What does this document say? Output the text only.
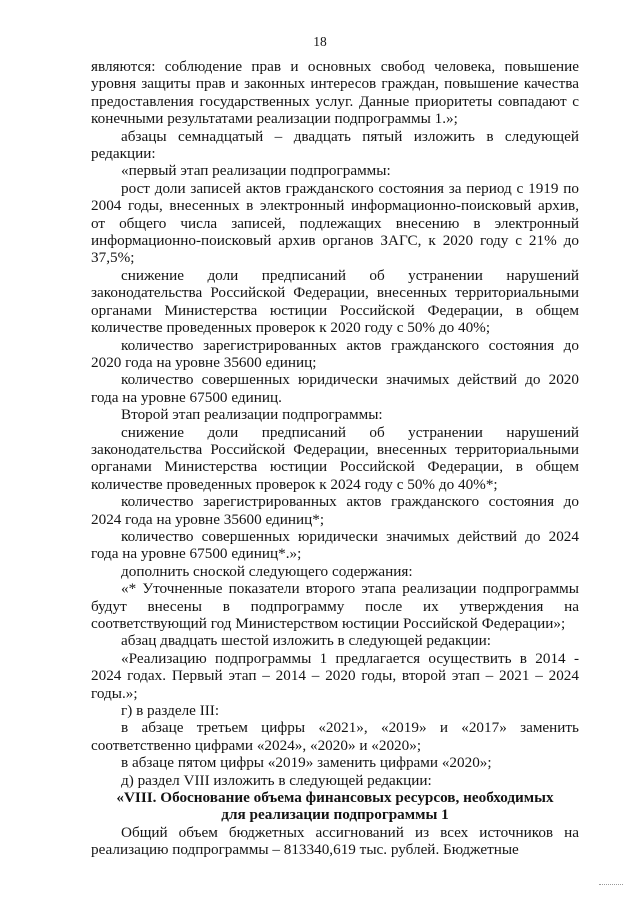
18
являются: соблюдение прав и основных свобод человека, повышение уровня защиты прав и законных интересов граждан, повышение качества предоставления государственных услуг. Данные приоритеты совпадают с конечными результатами реализации подпрограммы 1.»;
абзацы семнадцатый – двадцать пятый изложить в следующей редакции:
«первый этап реализации подпрограммы:
рост доли записей актов гражданского состояния за период с 1919 по 2004 годы, внесенных в электронный информационно-поисковый архив, от общего числа записей, подлежащих внесению в электронный информационно-поисковый архив органов ЗАГС, к 2020 году с 21% до 37,5%;
снижение доли предписаний об устранении нарушений законодательства Российской Федерации, внесенных территориальными органами Министерства юстиции Российской Федерации, в общем количестве проведенных проверок к 2020 году с 50% до 40%;
количество зарегистрированных актов гражданского состояния до 2020 года на уровне 35600 единиц;
количество совершенных юридически значимых действий до 2020 года на уровне 67500 единиц.
Второй этап реализации подпрограммы:
снижение доли предписаний об устранении нарушений законодательства Российской Федерации, внесенных территориальными органами Министерства юстиции Российской Федерации, в общем количестве проведенных проверок к 2024 году с 50% до 40%*;
количество зарегистрированных актов гражданского состояния до 2024 года на уровне 35600 единиц*;
количество совершенных юридически значимых действий до 2024 года на уровне 67500 единиц*.»;
дополнить сноской следующего содержания:
«* Уточненные показатели второго этапа реализации подпрограммы будут внесены в подпрограмму после их утверждения на соответствующий год Министерством юстиции Российской Федерации»;
абзац двадцать шестой изложить в следующей редакции:
«Реализацию подпрограммы 1 предлагается осуществить в 2014 - 2024 годах. Первый этап – 2014 – 2020 годы, второй этап – 2021 – 2024 годы.»;
г) в разделе III:
в абзаце третьем цифры «2021», «2019» и «2017» заменить соответственно цифрами «2024», «2020» и «2020»;
в абзаце пятом цифры «2019» заменить цифрами «2020»;
д) раздел VIII изложить в следующей редакции:
«VIII. Обоснование объема финансовых ресурсов, необходимых
для реализации подпрограммы 1
Общий объем бюджетных ассигнований из всех источников на реализацию подпрограммы – 813340,619 тыс. рублей. Бюджетные
